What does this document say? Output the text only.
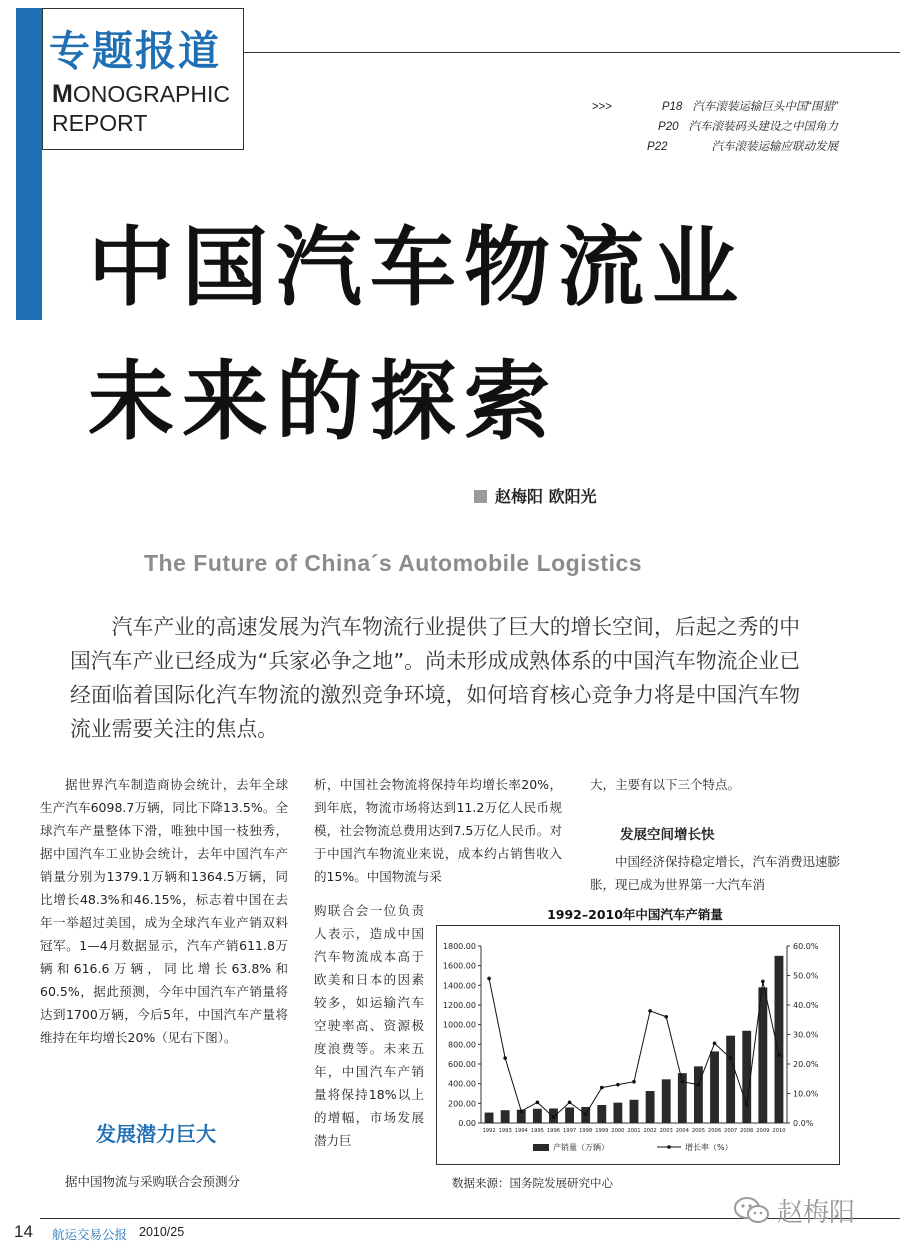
专题报道
MONOGRAPHIC
REPORT
>>>	P18 汽车滚装运输巨头中国“围猎”
P20 汽车滚装码头建设之中国角力
P22	汽车滚装运输应联动发展
中国汽车物流业
未来的探索
赵梅阳 欧阳光
The Future of China´s Automobile Logistics
汽车产业的高速发展为汽车物流行业提供了巨大的增长空间，后起之秀的中国汽车产业已经成为“兵家必争之地”。尚未形成成熟体系的中国汽车物流企业已经面临着国际化汽车物流的激烈竞争环境，如何培育核心竞争力将是中国汽车物流业需要关注的焦点。
据世界汽车制造商协会统计，去年全球生产汽车6098.7万辆，同比下降13.5%。全球汽车产量整体下滑，唯独中国一枝独秀，据中国汽车工业协会统计，去年中国汽车产销量分别为1379.1万辆和1364.5万辆，同比增长48.3%和46.15%，标志着中国在去年一举超过美国，成为全球汽车业产销双料冠军。1—4月数据显示，汽车产销611.8万辆和616.6万辆，同比增长63.8%和60.5%，据此预测，今年中国汽车产销量将达到1700万辆，今后5年，中国汽车产量将维持在年均增长20%（见右下图）。
发展潜力巨大
据中国物流与采购联合会预测分
析，中国社会物流将保持年均增长率20%，到年底，物流市场将达到11.2万亿人民币规模，社会物流总费用达到7.5万亿人民币。对于中国汽车物流业来说，成本约占销售收入的15%。中国物流与采
购联合会一位负责人表示，造成中国汽车物流成本高于欧美和日本的因素较多，如运输汽车空驶率高、资源极度浪费等。未来五年，中国汽车产销量将保持18%以上的增幅，市场发展潜力巨
大，主要有以下三个特点。
发展空间增长快
中国经济保持稳定增长，汽车消费迅速膨胀，现已成为世界第一大汽车消
1992–2010年中国汽车产销量
0.00
200.00
400.00
600.00
800.00
1000.00
1200.00
1400.00
1600.00
1800.00
0.0%
10.0%
20.0%
30.0%
40.0%
50.0%
60.0%
1992 1993 1994 1995 1996 1997 1998 1999 2000 2001 2002 2003 2004 2005 2006 2007 2008 2009 2010
产销量（万辆）	增长率（%）
数据来源：国务院发展研究中心
14 航运交易公报 2010/25
赵梅阳
